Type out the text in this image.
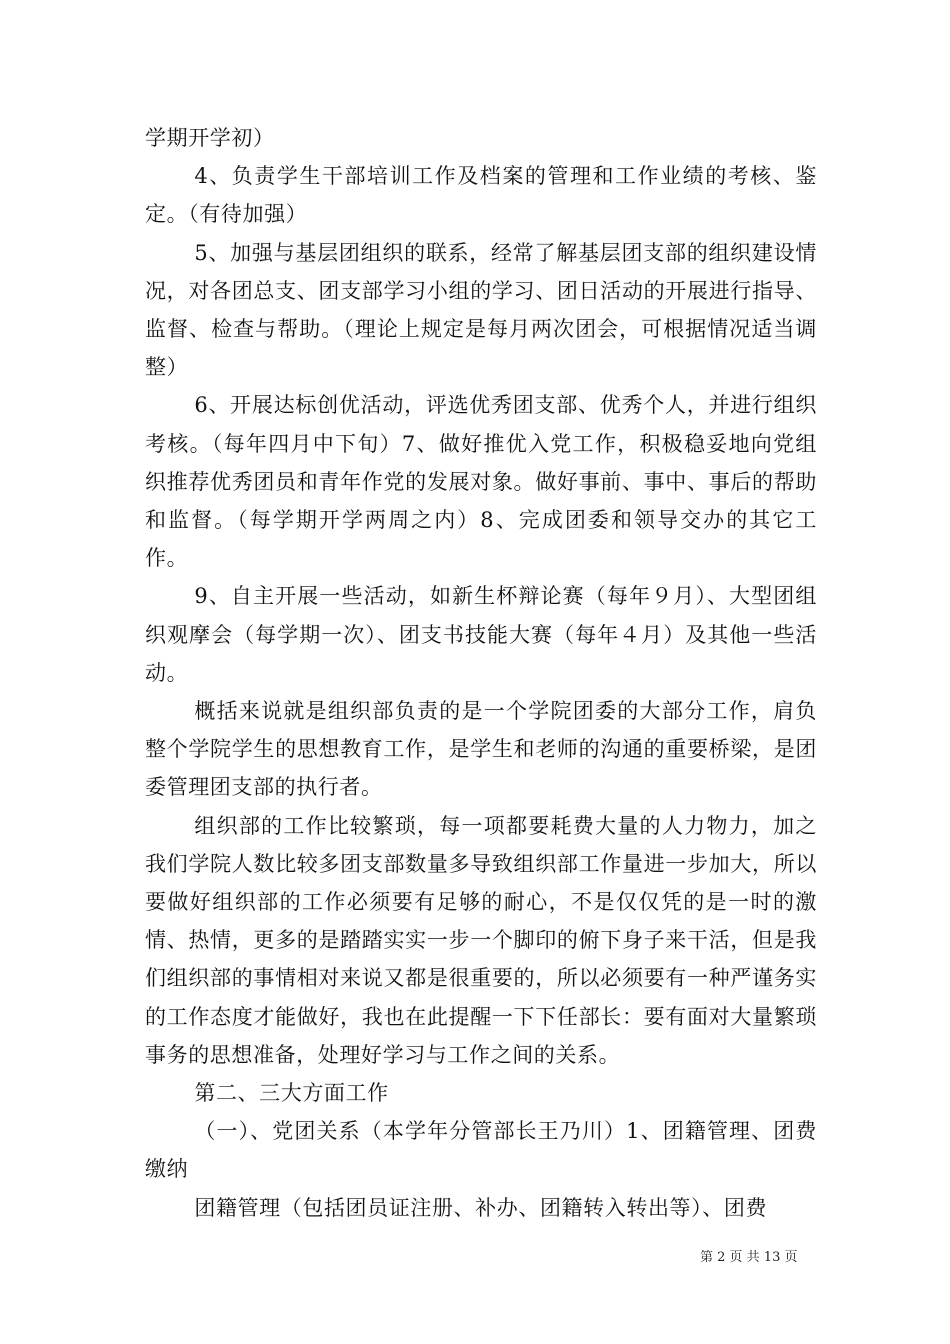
学期开学初）

4、负责学生干部培训工作及档案的管理和工作业绩的考核、鉴定。（有待加强）

5、加强与基层团组织的联系，经常了解基层团支部的组织建设情况，对各团总支、团支部学习小组的学习、团日活动的开展进行指导、监督、检查与帮助。（理论上规定是每月两次团会，可根据情况适当调整）

6、开展达标创优活动，评选优秀团支部、优秀个人，并进行组织考核。（每年四月中下旬）7、做好推优入党工作，积极稳妥地向党组织推荐优秀团员和青年作党的发展对象。做好事前、事中、事后的帮助和监督。（每学期开学两周之内）8、完成团委和领导交办的其它工作。

9、自主开展一些活动，如新生杯辩论赛（每年９月）、大型团组织观摩会（每学期一次）、团支书技能大赛（每年４月）及其他一些活动。

概括来说就是组织部负责的是一个学院团委的大部分工作，肩负整个学院学生的思想教育工作，是学生和老师的沟通的重要桥梁，是团委管理团支部的执行者。

组织部的工作比较繁琐，每一项都要耗费大量的人力物力，加之我们学院人数比较多团支部数量多导致组织部工作量进一步加大，所以要做好组织部的工作必须要有足够的耐心，不是仅仅凭的是一时的激情、热情，更多的是踏踏实实一步一个脚印的俯下身子来干活，但是我们组织部的事情相对来说又都是很重要的，所以必须要有一种严谨务实的工作态度才能做好，我也在此提醒一下下任部长：要有面对大量繁琐事务的思想准备，处理好学习与工作之间的关系。

第二、三大方面工作

（一）、党团关系（本学年分管部长王乃川）1、团籍管理、团费缴纳

团籍管理（包括团员证注册、补办、团籍转入转出等）、团费

第 2 页 共 13 页
